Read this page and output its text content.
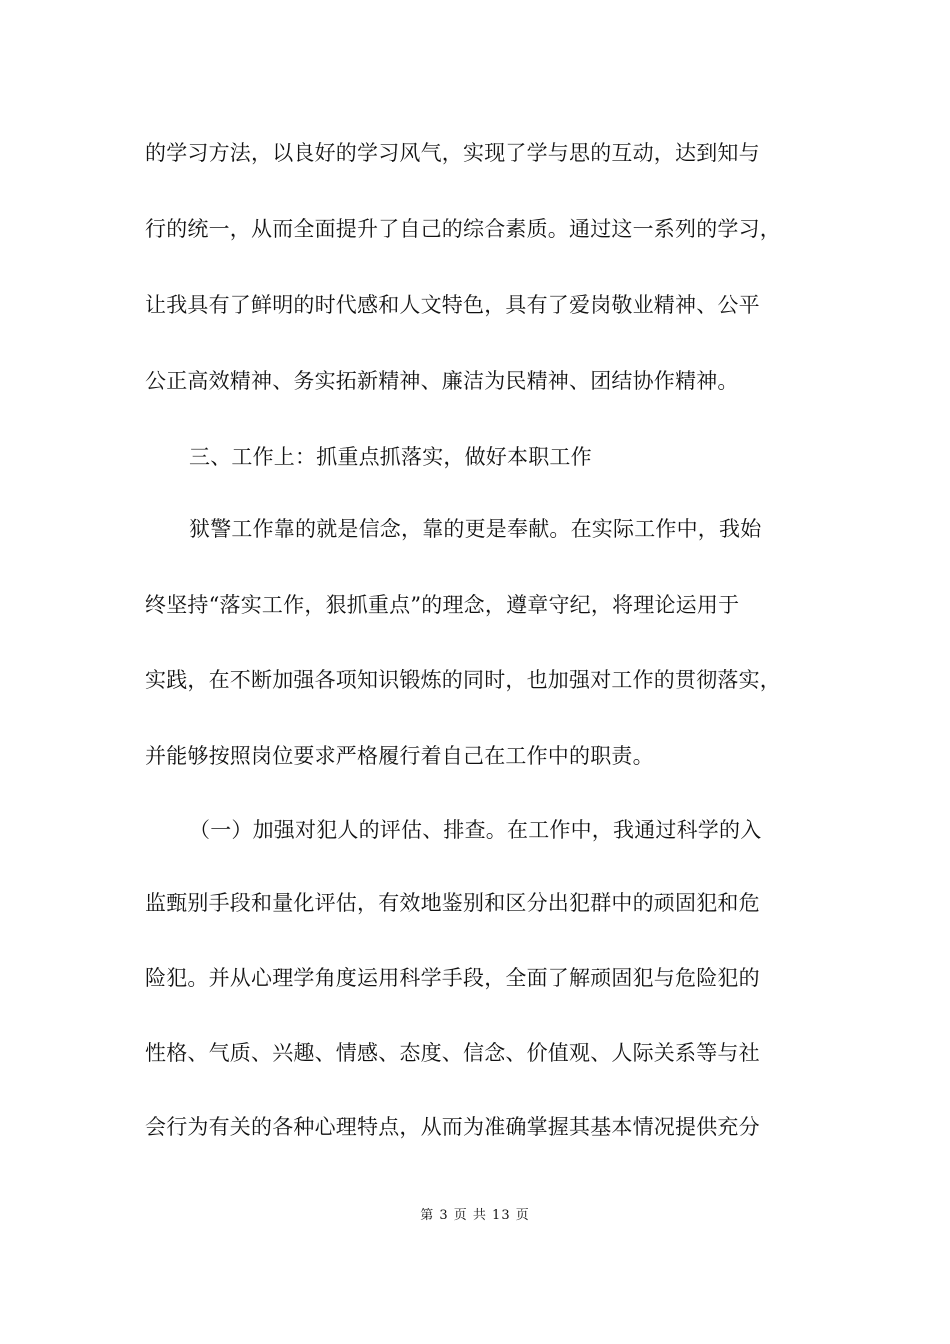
的学习方法，以良好的学习风气，实现了学与思的互动，达到知与
行的统一，从而全面提升了自己的综合素质。通过这一系列的学习，
让我具有了鲜明的时代感和人文特色，具有了爱岗敬业精神、公平
公正高效精神、务实拓新精神、廉洁为民精神、团结协作精神。
三、工作上：抓重点抓落实，做好本职工作
狱警工作靠的就是信念，靠的更是奉献。在实际工作中，我始
终坚持“落实工作，狠抓重点”的理念，遵章守纪，将理论运用于
实践，在不断加强各项知识锻炼的同时，也加强对工作的贯彻落实，
并能够按照岗位要求严格履行着自己在工作中的职责。
（一）加强对犯人的评估、排查。在工作中，我通过科学的入
监甄别手段和量化评估，有效地鉴别和区分出犯群中的顽固犯和危
险犯。并从心理学角度运用科学手段，全面了解顽固犯与危险犯的
性格、气质、兴趣、情感、态度、信念、价值观、人际关系等与社
会行为有关的各种心理特点，从而为准确掌握其基本情况提供充分
第 3 页 共 13 页
